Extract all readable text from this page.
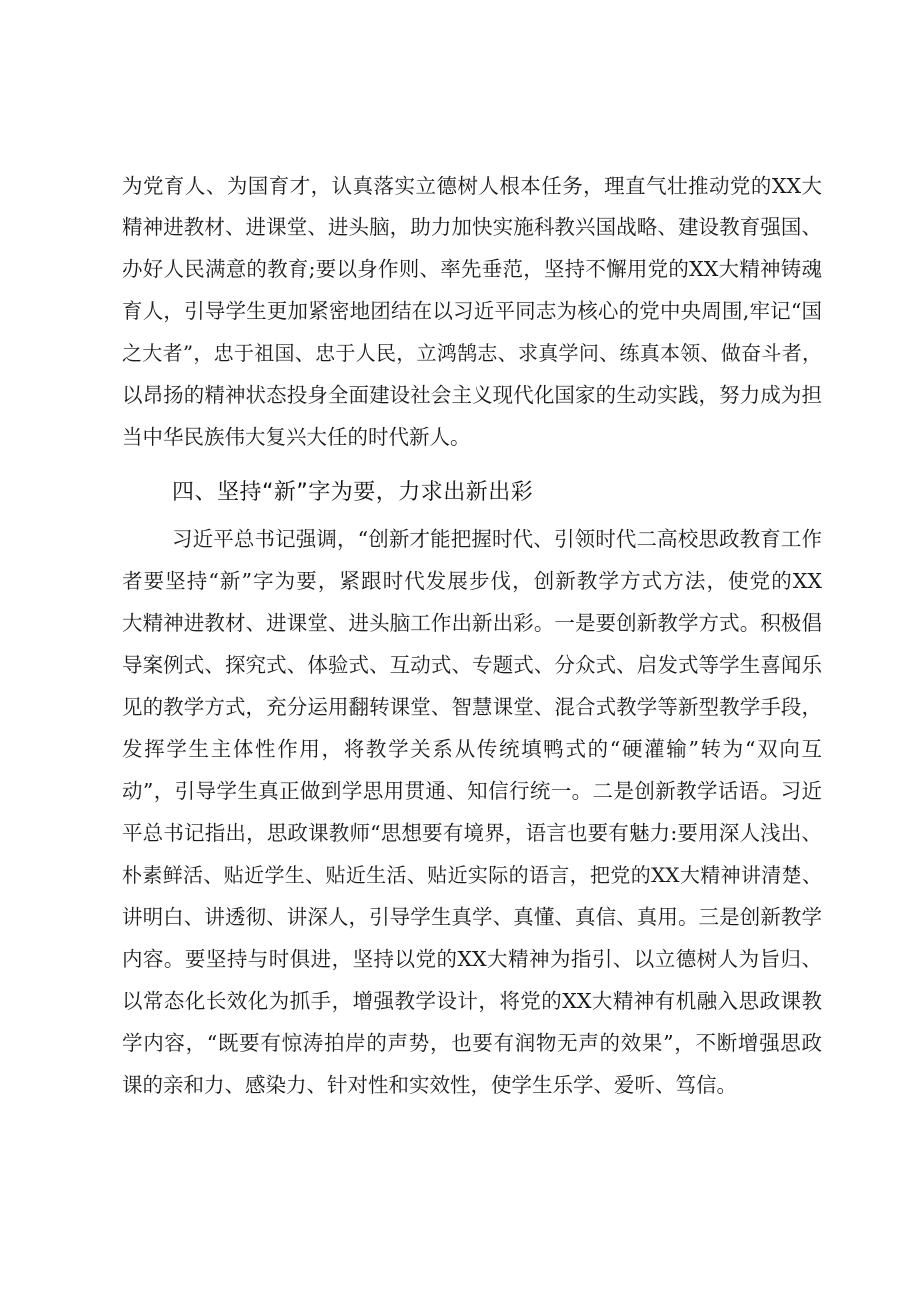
为党育人、为国育才，认真落实立德树人根本任务，理直气壮推动党的XX大
精神进教材、进课堂、进头脑，助力加快实施科教兴国战略、建设教育强国、
办好人民满意的教育;要以身作则、率先垂范，坚持不懈用党的XX大精神铸魂
育人，引导学生更加紧密地团结在以习近平同志为核心的党中央周围,牢记“国
之大者”，忠于祖国、忠于人民，立鸿鹄志、求真学问、练真本领、做奋斗者，
以昂扬的精神状态投身全面建设社会主义现代化国家的生动实践，努力成为担
当中华民族伟大复兴大任的时代新人。
四、坚持“新”字为要，力求出新出彩
习近平总书记强调，“创新才能把握时代、引领时代二高校思政教育工作
者要坚持“新”字为要，紧跟时代发展步伐，创新教学方式方法，使党的XX
大精神进教材、进课堂、进头脑工作出新出彩。一是要创新教学方式。积极倡
导案例式、探究式、体验式、互动式、专题式、分众式、启发式等学生喜闻乐
见的教学方式，充分运用翻转课堂、智慧课堂、混合式教学等新型教学手段，
发挥学生主体性作用，将教学关系从传统填鸭式的“硬灌输”转为“双向互
动”，引导学生真正做到学思用贯通、知信行统一。二是创新教学话语。习近
平总书记指出，思政课教师“思想要有境界，语言也要有魅力:要用深人浅出、
朴素鲜活、贴近学生、贴近生活、贴近实际的语言，把党的XX大精神讲清楚、
讲明白、讲透彻、讲深人，引导学生真学、真懂、真信、真用。三是创新教学
内容。要坚持与时俱进，坚持以党的XX大精神为指引、以立德树人为旨归、
以常态化长效化为抓手，增强教学设计，将党的XX大精神有机融入思政课教
学内容，“既要有惊涛拍岸的声势，也要有润物无声的效果”，不断增强思政
课的亲和力、感染力、针对性和实效性，使学生乐学、爱听、笃信。
